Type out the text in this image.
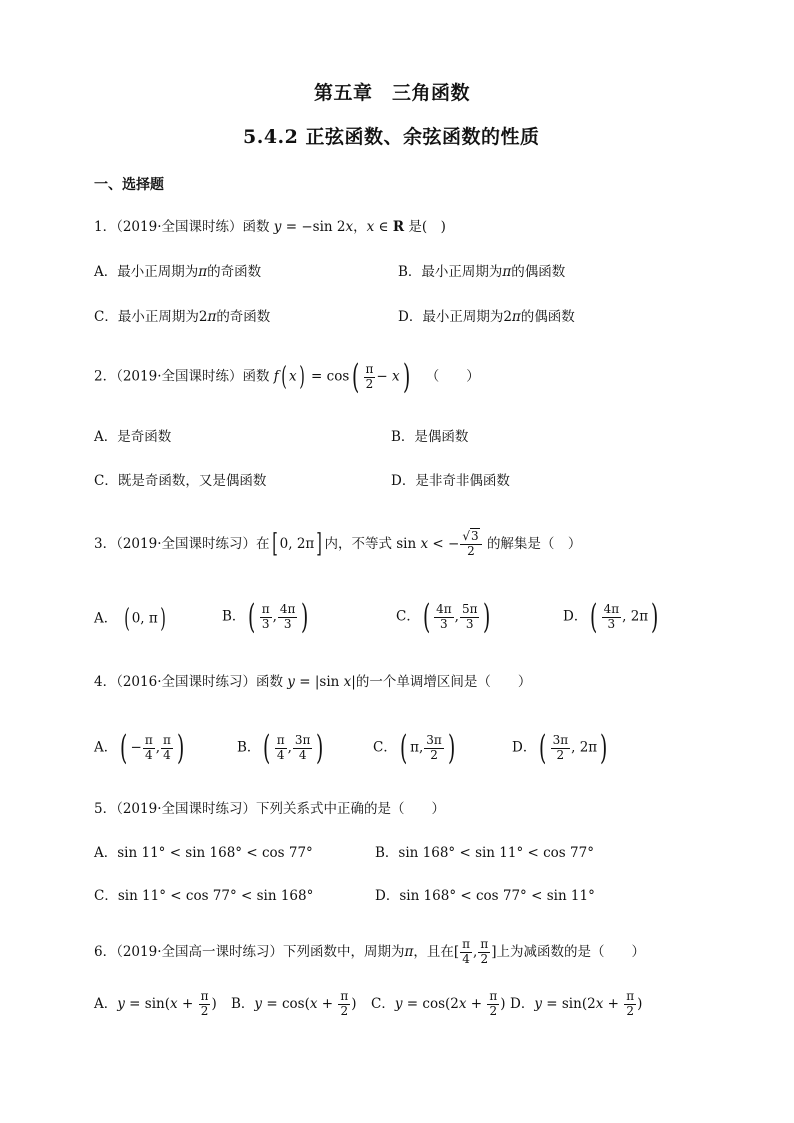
第五章　三角函数
5.4.2 正弦函数、余弦函数的性质
一、选择题
1．（2019·全国课时练）函数 y = −sin 2x，x ∈ R 是(　)
A．最小正周期为π的奇函数	B．最小正周期为π的偶函数
C．最小正周期为2π的奇函数	D．最小正周期为2π的偶函数
2．（2019·全国课时练）函数 f( $x) = \cos( \frac{\pi}{2} - x)$ （　　）
A．是奇函数	B．是偶函数
C．既是奇函数，又是偶函数	D．是非奇非偶函数
3．（2019·全国课时练习）在[ 0, 2π] 内，不等式 sin x < − $\frac{√3}{2}$ 的解集是（　）
A． ( 0, π)	B．( $\frac{\pi}{3}$ , $\frac{4\pi}{3}$ )	C．( $\frac{4\pi}{3}$ , $\frac{5\pi}{3}$ )	D．( $\frac{4\pi}{3}$ , 2π)
4．（2016·全国课时练习）函数 y = |sin x|的一个单调增区间是（　　）
A．( − $\frac{\pi}{4}$ , $\frac{\pi}{4}$ )	B．( $\frac{\pi}{4}$ , $\frac{3\pi}{4}$ )	C．( π, $\frac{3\pi}{2}$ )	D．( $\frac{3\pi}{2}$ , 2π)
5．（2019·全国课时练习）下列关系式中正确的是（　　）
A．sin 11° < sin 168° < cos 77°	B．sin 168° < sin 11° < cos 77°
C．sin 11° < cos 77° < sin 168°	D．sin 168° < cos 77° < sin 11°
6．（2019·全国高一课时练习）下列函数中，周期为π，且在[ $\frac{\pi}{4}$ , $\frac{\pi}{2}$ ]上为减函数的是（　　）
A．$y = \sin(x + \frac{\pi}{2}$ ) B．$y = \cos(x + \frac{\pi}{2}$ ) C．$y = \cos(2x + \frac{\pi}{2}$ ) D．$y = \sin(2x + \frac{\pi}{2}$ )
